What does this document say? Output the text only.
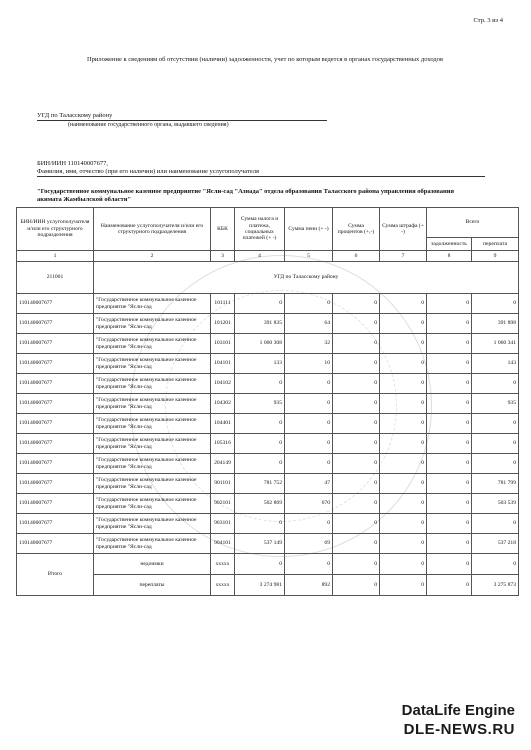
Стр. 3 из 4
Приложение к сведениям об отсутствии (наличии) задолженности, учет по которым ведется в органах государственных доходов
УГД по Таласскому району
(наименование государственного органа, выдавшего сведения)
БИН/ИИН 110140007677,
Фамилия, имя, отчество (при его наличии) или наименование услугополучателя
"Государственное коммунальное казенное предприятие "Ясли-сад "Азнада" отдела образования Таласского района управления образования акимата Жамбылской области"
БИН/ИИН услугополучателя и/или его структурного подразделения	Наименование услугополучателя и/или его структурного подразделения	КБК	Сумма налога и платежа, социальных платежей (+ -)	Сумма пени (+ -)	Сумма процентов (+,-)	Сумма штрафа (+ -)	Всего	
							задолженность	переплата
1	2	3	4	5	6	7	8	9
211001	УГД по Таласскому району							
110140007677	"Государственное коммунальное казенное предприятие "Ясли-сад	101111	0	0	0	0	0	0
110140007677	"Государственное коммунальное казенное предприятие "Ясли-сад	101201	391 835	64	0	0	0	391 898
110140007677	"Государственное коммунальное казенное предприятие "Ясли-сад	103101	1 060 308	32	0	0	0	1 060 341
110140007677	"Государственное коммунальное казенное предприятие "Ясли-сад	104101	133	10	0	0	0	143
110140007677	"Государственное коммунальное казенное предприятие "Ясли-сад	104102	0	0	0	0	0	0
110140007677	"Государственное коммунальное казенное предприятие "Ясли-сад	104302	935	0	0	0	0	935
110140007677	"Государственное коммунальное казенное предприятие "Ясли-сад	104401	0	0	0	0	0	0
110140007677	"Государственное коммунальное казенное предприятие "Ясли-сад	105316	0	0	0	0	0	0
110140007677	"Государственное коммунальное казенное предприятие "Ясли-сад	204149	0	0	0	0	0	0
110140007677	"Государственное коммунальное казенное предприятие "Ясли-сад	901101	781 752	47	0	0	0	781 799
110140007677	"Государственное коммунальное казенное предприятие "Ясли-сад	902101	502 869	670	0	0	0	503 539
110140007677	"Государственное коммунальное казенное предприятие "Ясли-сад	903101	0	0	0	0	0	0
110140007677	"Государственное коммунальное казенное предприятие "Ясли-сад	904101	537 149	69	0	0	0	537 218
Итого	недоимки	xxxxx	0	0	0	0	0	0
	переплаты	xxxxx	3 274 981	892	0	0	0	3 275 873
DataLife Engine
DLE-NEWS.RU
